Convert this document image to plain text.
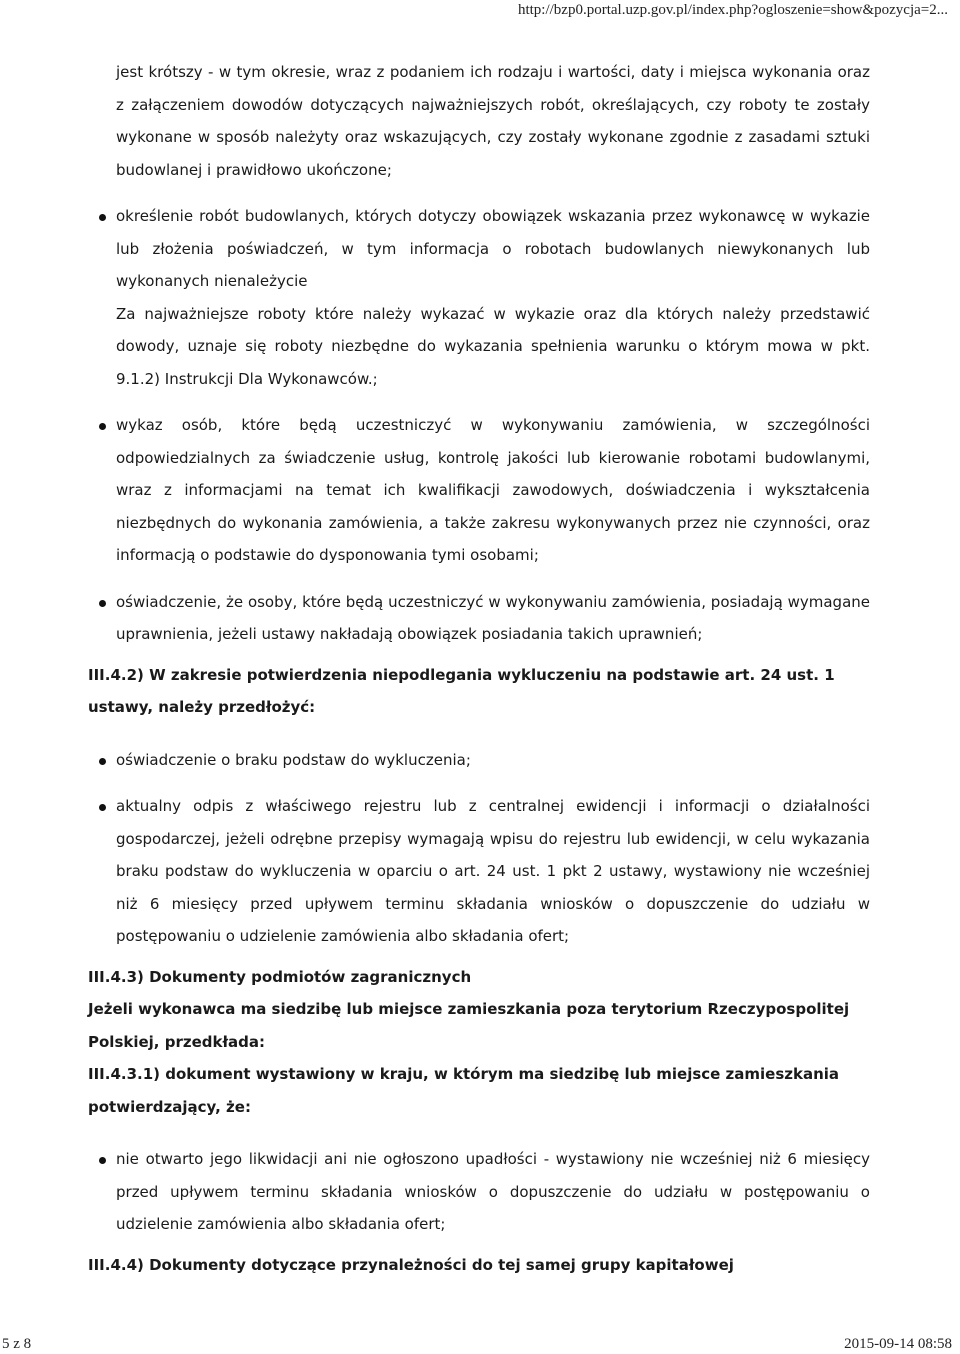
http://bzp0.portal.uzp.gov.pl/index.php?ogloszenie=show&pozycja=2...

jest krótszy - w tym okresie, wraz z podaniem ich rodzaju i wartości, daty i miejsca wykonania oraz z załączeniem dowodów dotyczących najważniejszych robót, określających, czy roboty te zostały wykonane w sposób należyty oraz wskazujących, czy zostały wykonane zgodnie z zasadami sztuki budowlanej i prawidłowo ukończone;

określenie robót budowlanych, których dotyczy obowiązek wskazania przez wykonawcę w wykazie lub złożenia poświadczeń, w tym informacja o robotach budowlanych niewykonanych lub wykonanych nienależycie

Za najważniejsze roboty które należy wykazać w wykazie oraz dla których należy przedstawić dowody, uznaje się roboty niezbędne do wykazania spełnienia warunku o którym mowa w pkt. 9.1.2) Instrukcji Dla Wykonawców.;

wykaz osób, które będą uczestniczyć w wykonywaniu zamówienia, w szczególności odpowiedzialnych za świadczenie usług, kontrolę jakości lub kierowanie robotami budowlanymi, wraz z informacjami na temat ich kwalifikacji zawodowych, doświadczenia i wykształcenia niezbędnych do wykonania zamówienia, a także zakresu wykonywanych przez nie czynności, oraz informacją o podstawie do dysponowania tymi osobami;

oświadczenie, że osoby, które będą uczestniczyć w wykonywaniu zamówienia, posiadają wymagane uprawnienia, jeżeli ustawy nakładają obowiązek posiadania takich uprawnień;

III.4.2) W zakresie potwierdzenia niepodlegania wykluczeniu na podstawie art. 24 ust. 1 ustawy, należy przedłożyć:

oświadczenie o braku podstaw do wykluczenia;

aktualny odpis z właściwego rejestru lub z centralnej ewidencji i informacji o działalności gospodarczej, jeżeli odrębne przepisy wymagają wpisu do rejestru lub ewidencji, w celu wykazania braku podstaw do wykluczenia w oparciu o art. 24 ust. 1 pkt 2 ustawy, wystawiony nie wcześniej niż 6 miesięcy przed upływem terminu składania wniosków o dopuszczenie do udziału w postępowaniu o udzielenie zamówienia albo składania ofert;

III.4.3) Dokumenty podmiotów zagranicznych

Jeżeli wykonawca ma siedzibę lub miejsce zamieszkania poza terytorium Rzeczypospolitej Polskiej, przedkłada:

III.4.3.1) dokument wystawiony w kraju, w którym ma siedzibę lub miejsce zamieszkania potwierdzający, że:

nie otwarto jego likwidacji ani nie ogłoszono upadłości - wystawiony nie wcześniej niż 6 miesięcy przed upływem terminu składania wniosków o dopuszczenie do udziału w postępowaniu o udzielenie zamówienia albo składania ofert;

III.4.4) Dokumenty dotyczące przynależności do tej samej grupy kapitałowej

5 z 8	2015-09-14 08:58
